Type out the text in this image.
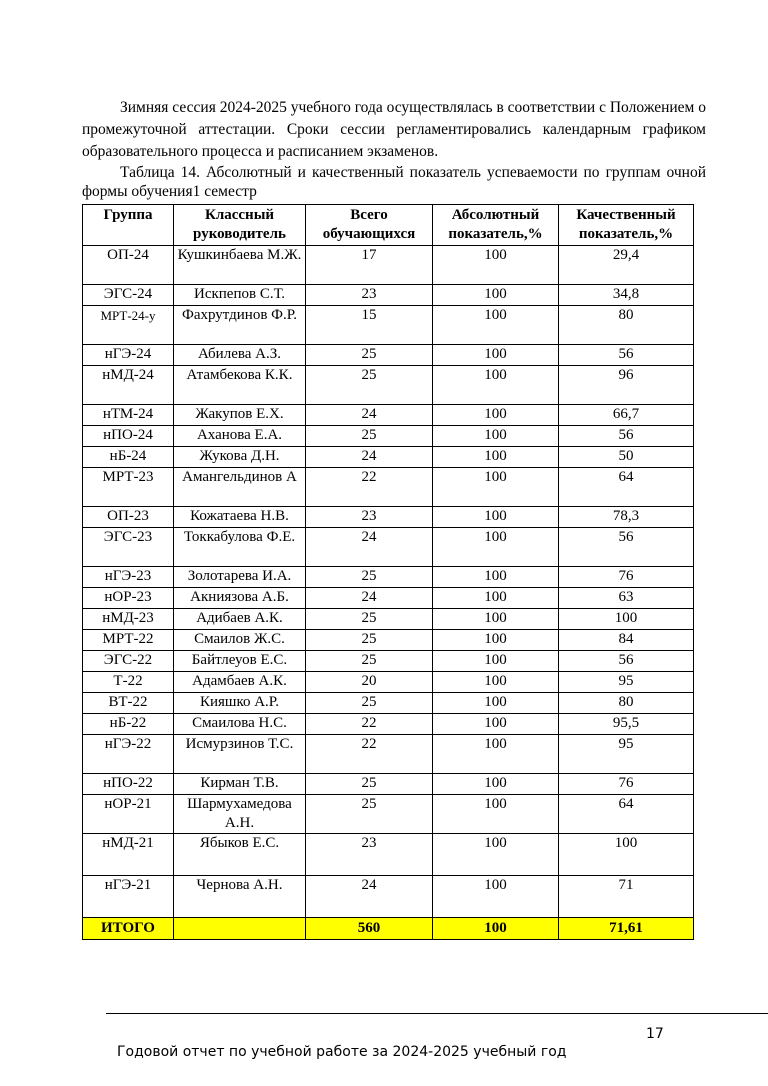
Зимняя сессия 2024-2025 учебного года осуществлялась в соответствии с Положением о промежуточной аттестации. Сроки сессии регламентировались календарным графиком образовательного процесса и расписанием экзаменов.

Таблица 14. Абсолютный и качественный показатель успеваемости по группам очной формы обучения1 семестр
Группа	Классный руководитель	Всего обучающихся	Абсолютный показатель,%	Качественный показатель,%
ОП-24	Кушкинбаева М.Ж.	17	100	29,4
ЭГС-24	Искпепов С.Т.	23	100	34,8
МРТ-24-у	Фахрутдинов Ф.Р.	15	100	80
нГЭ-24	Абилева А.З.	25	100	56
нМД-24	Атамбекова К.К.	25	100	96
нТМ-24	Жакупов Е.Х.	24	100	66,7
нПО-24	Аханова Е.А.	25	100	56
нБ-24	Жукова Д.Н.	24	100	50
МРТ-23	Амангельдинов А	22	100	64
ОП-23	Кожатаева Н.В.	23	100	78,3
ЭГС-23	Токкабулова Ф.Е.	24	100	56
нГЭ-23	Золотарева И.А.	25	100	76
нОР-23	Акниязова А.Б.	24	100	63
нМД-23	Адибаев А.К.	25	100	100
МРТ-22	Смаилов Ж.С.	25	100	84
ЭГС-22	Байтлеуов Е.С.	25	100	56
Т-22	Адамбаев А.К.	20	100	95
ВТ-22	Кияшко А.Р.	25	100	80
нБ-22	Смаилова Н.С.	22	100	95,5
нГЭ-22	Исмурзинов Т.С.	22	100	95
нПО-22	Кирман Т.В.	25	100	76
нОР-21	Шармухамедова А.Н.	25	100	64
нМД-21	Ябыков Е.С.	23	100	100
нГЭ-21	Чернова А.Н.	24	100	71
ИТОГО		560	100	71,61
17
Годовой отчет по учебной работе за 2024-2025 учебный год
